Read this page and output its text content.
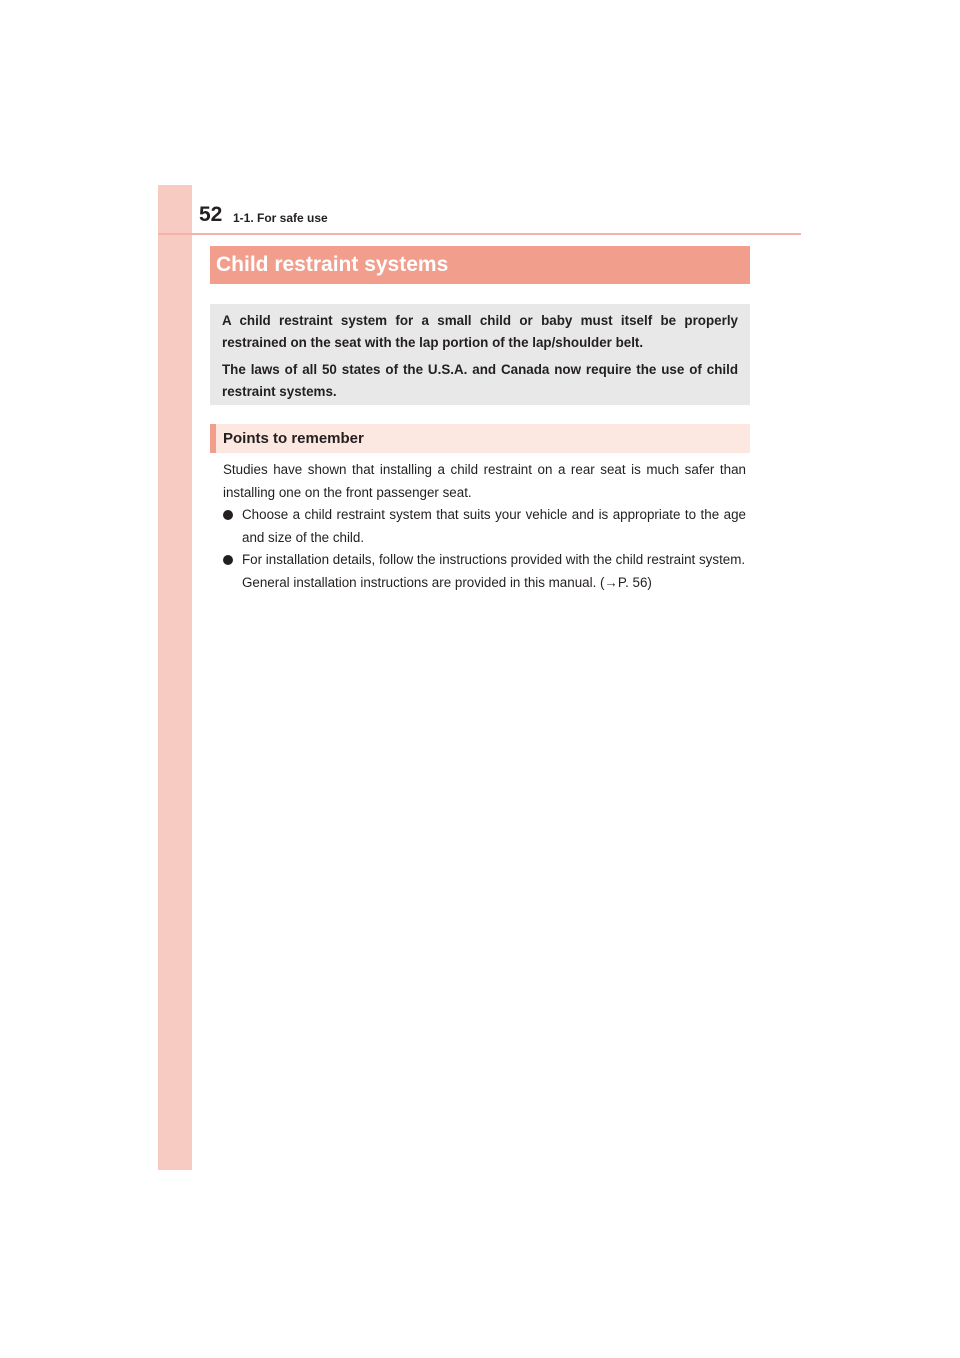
52 1-1. For safe use
Child restraint systems

A child restraint system for a small child or baby must itself be properly restrained on the seat with the lap portion of the lap/shoulder belt.

The laws of all 50 states of the U.S.A. and Canada now require the use of child restraint systems.

Points to remember

Studies have shown that installing a child restraint on a rear seat is much safer than installing one on the front passenger seat.

Choose a child restraint system that suits your vehicle and is appropriate to the age and size of the child.
For installation details, follow the instructions provided with the child restraint system.
General installation instructions are provided in this manual. (→P. 56)
